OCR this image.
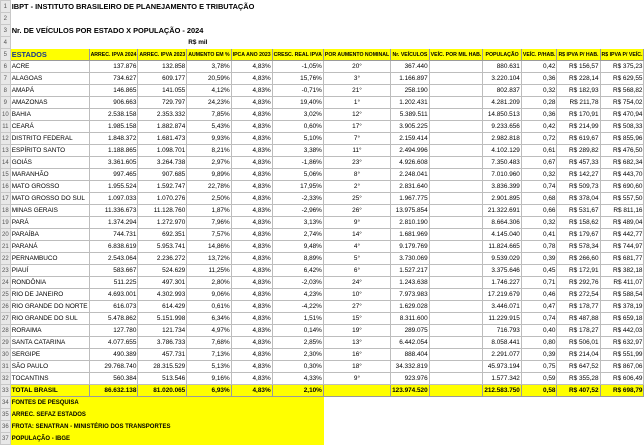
1	IBPT - INSTITUTO BRASILEIRO DE PLANEJAMENTO E TRIBUTAÇÃO												
2													
3	Nr. DE VEÍCULOS POR ESTADO X POPULAÇÃO - 2024												
4				R$ mil									
5	ESTADOS	ARREC. IPVA 2024	ARREC. IPVA 2023	AUMENTO EM %	IPCA ANO 2023	CRESC. REAL IPVA	POR AUMENTO NOMINAL	Nr. VEÍCULOS	VEÍC. POR MIL HAB.	POPULAÇÃO	VEÍC. P/HAB.	R$ IPVA P/ HAB.	R$ IPVA P/ VEÍC.
6	ACRE	137.876	132.858	3,78%	4,83%	-1,05%	20°	367.440		880.631	0,42	R$ 156,57	R$ 375,23
7	ALAGOAS	734.627	609.177	20,59%	4,83%	15,76%	3°	1.166.897		3.220.104	0,36	R$ 228,14	R$ 629,55
8	AMAPÁ	146.865	141.055	4,12%	4,83%	-0,71%	21°	258.190		802.837	0,32	R$ 182,93	R$ 568,82
9	AMAZONAS	906.663	729.797	24,23%	4,83%	19,40%	1°	1.202.431		4.281.209	0,28	R$ 211,78	R$ 754,02
10	BAHIA	2.538.158	2.353.332	7,85%	4,83%	3,02%	12°	5.389.511		14.850.513	0,36	R$ 170,91	R$ 470,94
11	CEARÁ	1.985.158	1.882.874	5,43%	4,83%	0,60%	17°	3.905.225		9.233.656	0,42	R$ 214,99	R$ 508,33
12	DISTRITO FEDERAL	1.848.372	1.681.473	9,93%	4,83%	5,10%	7°	2.159.414		2.982.818	0,72	R$ 619,67	R$ 855,96
13	ESPÍRITO SANTO	1.188.865	1.098.701	8,21%	4,83%	3,38%	11°	2.494.996		4.102.129	0,61	R$ 289,82	R$ 476,50
14	GOIÁS	3.361.605	3.264.738	2,97%	4,83%	-1,86%	23°	4.926.608		7.350.483	0,67	R$ 457,33	R$ 682,34
15	MARANHÃO	997.465	907.685	9,89%	4,83%	5,06%	8°	2.248.041		7.010.960	0,32	R$ 142,27	R$ 443,70
16	MATO GROSSO	1.955.524	1.592.747	22,78%	4,83%	17,95%	2°	2.831.640		3.836.399	0,74	R$ 509,73	R$ 690,60
17	MATO GROSSO DO SUL	1.097.033	1.070.276	2,50%	4,83%	-2,33%	25°	1.967.775		2.901.895	0,68	R$ 378,04	R$ 557,50
18	MINAS GERAIS	11.336.673	11.128.760	1,87%	4,83%	-2,96%	26°	13.975.854		21.322.691	0,66	R$ 531,67	R$ 811,16
19	PARÁ	1.374.294	1.272.970	7,96%	4,83%	3,13%	9°	2.810.190		8.664.306	0,32	R$ 158,62	R$ 489,04
20	PARAÍBA	744.731	692.351	7,57%	4,83%	2,74%	14°	1.681.969		4.145.040	0,41	R$ 179,67	R$ 442,77
21	PARANÁ	6.838.619	5.953.741	14,86%	4,83%	9,48%	4°	9.179.769		11.824.665	0,78	R$ 578,34	R$ 744,97
22	PERNAMBUCO	2.543.064	2.236.272	13,72%	4,83%	8,89%	5°	3.730.069		9.539.029	0,39	R$ 266,60	R$ 681,77
23	PIAUÍ	583.667	524.629	11,25%	4,83%	6,42%	6°	1.527.217		3.375.646	0,45	R$ 172,91	R$ 382,18
24	RONDÔNIA	511.225	497.301	2,80%	4,83%	-2,03%	24°	1.243.638		1.746.227	0,71	R$ 292,76	R$ 411,07
25	RIO DE JANEIRO	4.693.001	4.302.993	9,06%	4,83%	4,23%	10°	7.973.983		17.219.679	0,46	R$ 272,54	R$ 588,54
26	RIO GRANDE DO NORTE	616.073	614.429	0,61%	4,83%	-4,22%	27°	1.629.028		3.446.071	0,47	R$ 178,77	R$ 378,19
27	RIO GRANDE DO SUL	5.478.862	5.151.998	6,34%	4,83%	1,51%	15°	8.311.600		11.229.915	0,74	R$ 487,88	R$ 659,18
28	RORAIMA	127.780	121.734	4,97%	4,83%	0,14%	19°	289.075		716.793	0,40	R$ 178,27	R$ 442,03
29	SANTA CATARINA	4.077.655	3.786.733	7,68%	4,83%	2,85%	13°	6.442.054		8.058.441	0,80	R$ 506,01	R$ 632,97
30	SERGIPE	490.389	457.731	7,13%	4,83%	2,30%	16°	888.404		2.291.077	0,39	R$ 214,04	R$ 551,99
31	SÃO PAULO	29.768.740	28.315.529	5,13%	4,83%	0,30%	18°	34.332.819		45.973.194	0,75	R$ 647,52	R$ 867,06
32	TOCANTINS	560.384	513.546	9,16%	4,83%	4,33%	9°	923.976		1.577.342	0,59	R$ 355,28	R$ 606,49
33	TOTAL BRASIL	86.632.138	81.020.065	6,93%	4,83%	2,10%		123.974.520		212.583.750	0,58	R$ 407,52	R$ 698,79
34	FONTES DE PESQUISA												
35	ARREC. SEFAZ ESTADOS												
36	FROTA: SENATRAN - MINISTÉRIO DOS TRANSPORTES												
37	POPULAÇÃO - IBGE												
